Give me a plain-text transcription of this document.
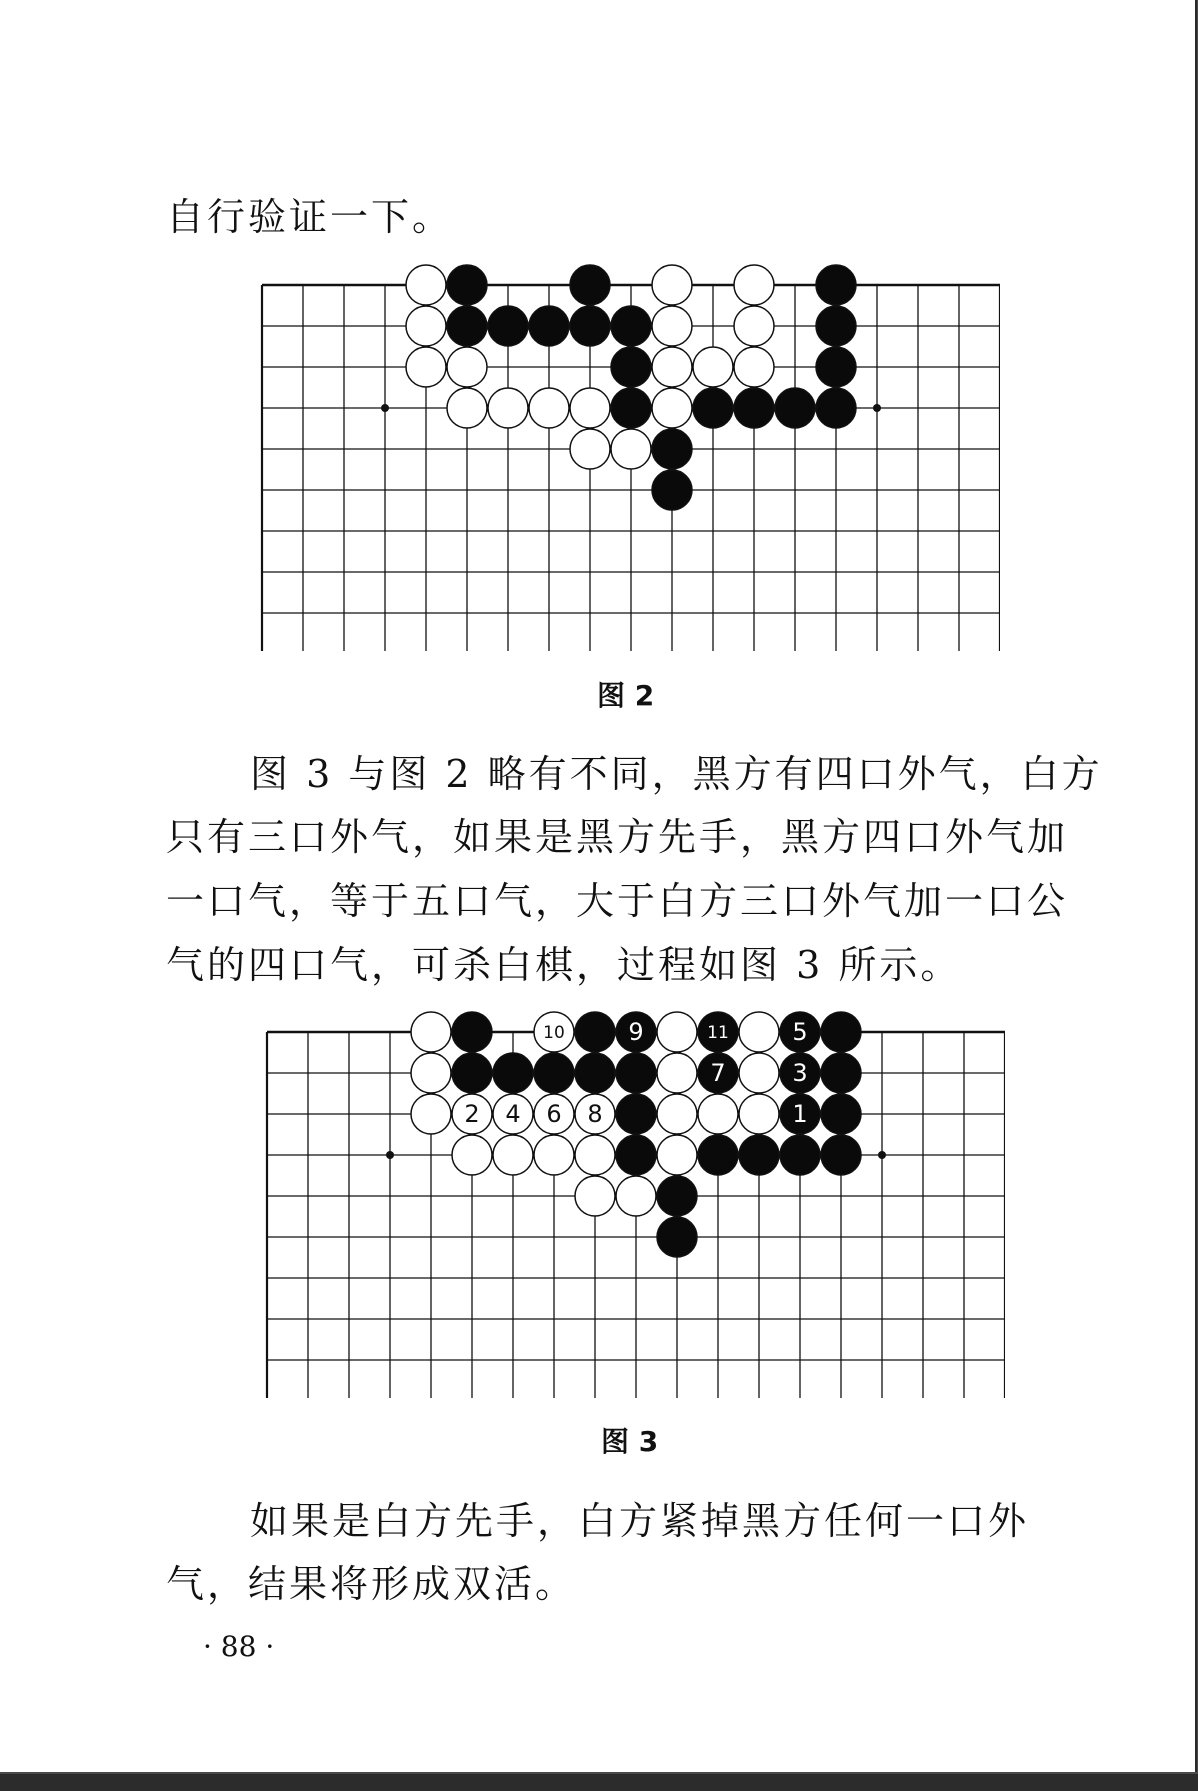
自行验证一下。
图 2
图 3 与图 2 略有不同，黑方有四口外气，白方
只有三口外气，如果是黑方先手，黑方四口外气加
一口气，等于五口气，大于白方三口外气加一口公
气的四口气，可杀白棋，过程如图 3 所示。
10	9	11	5
7	3
2 4 6 8	1
图 3
如果是白方先手，白方紧掉黑方任何一口外
气，结果将形成双活。
· 88 ·
